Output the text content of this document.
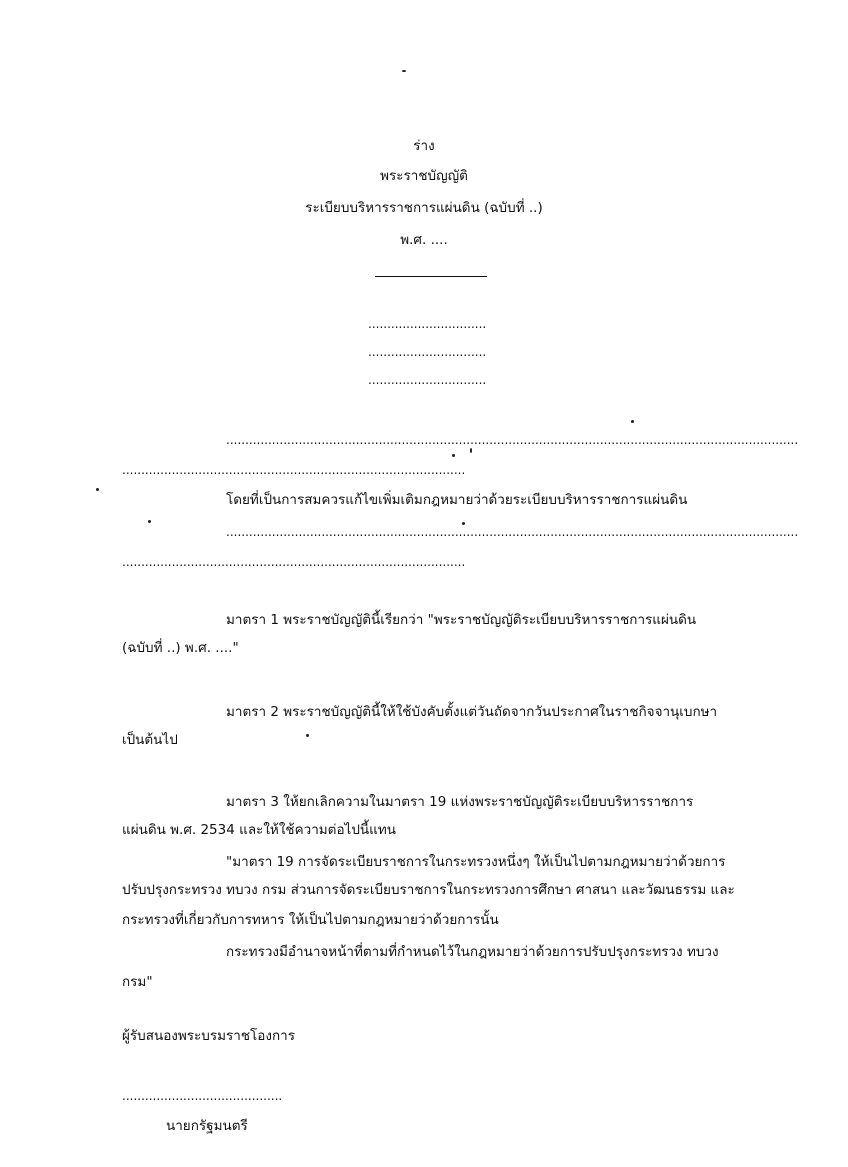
ร่าง
พระราชบัญญัติ
ระเบียบบริหารราชการแผ่นดิน (ฉบับที่ ..)
พ.ศ. ....
...............................
...............................
...............................
......................................................................................................................................................
..........................................................................................
โดยที่เป็นการสมควรแก้ไขเพิ่มเติมกฎหมายว่าด้วยระเบียบบริหารราชการแผ่นดิน
......................................................................................................................................................
..........................................................................................
มาตรา 1 พระราชบัญญัตินี้เรียกว่า "พระราชบัญญัติระเบียบบริหารราชการแผ่นดิน
(ฉบับที่ ..) พ.ศ. ...."
มาตรา 2 พระราชบัญญัตินี้ให้ใช้บังคับตั้งแต่วันถัดจากวันประกาศในราชกิจจานุเบกษา
เป็นต้นไป
มาตรา 3 ให้ยกเลิกความในมาตรา 19 แห่งพระราชบัญญัติระเบียบบริหารราชการ
แผ่นดิน พ.ศ. 2534 และให้ใช้ความต่อไปนี้แทน
"มาตรา 19 การจัดระเบียบราชการในกระทรวงหนึ่งๆ ให้เป็นไปตามกฎหมายว่าด้วยการ
ปรับปรุงกระทรวง ทบวง กรม ส่วนการจัดระเบียบราชการในกระทรวงการศึกษา ศาสนา และวัฒนธรรม และ
กระทรวงที่เกี่ยวกับการทหาร ให้เป็นไปตามกฎหมายว่าด้วยการนั้น
กระทรวงมีอำนาจหน้าที่ตามที่กำหนดไว้ในกฎหมายว่าด้วยการปรับปรุงกระทรวง ทบวง
กรม"
ผู้รับสนองพระบรมราชโองการ
..........................................
นายกรัฐมนตรี
